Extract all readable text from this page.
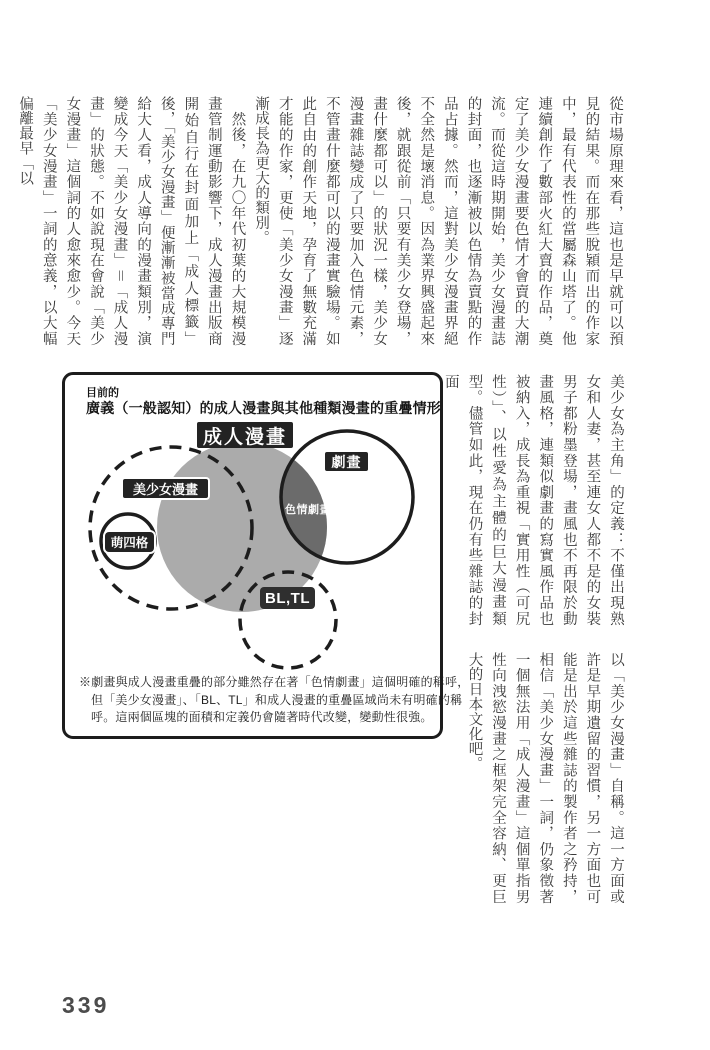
從市場原理來看，這也是早就可以預見的結果。而在那些脫穎而出的作家中，最有代表性的當屬森山塔了。他連續創作了數部火紅大賣的作品，奠定了美少女漫畫要色情才會賣的大潮流。而從這時期開始，美少女漫畫誌的封面，也逐漸被以色情為賣點的作品占據。然而，這對美少女漫畫界絕不全然是壞消息。因為業界興盛起來後，就跟從前「只要有美少女登場，畫什麼都可以」的狀況一樣，美少女漫畫雜誌變成了只要加入色情元素，不管畫什麼都可以的漫畫實驗場。如此自由的創作天地，孕育了無數充滿才能的作家，更使「美少女漫畫」逐漸成長為更大的類別。

　然後，在九〇年代初葉的大規模漫畫管制運動影響下，成人漫畫出版商開始自行在封面加上「成人標籤」後，「美少女漫畫」便漸漸被當成專門給大人看，成人導向的漫畫類別，演變成今天「美少女漫畫」＝「成人漫畫」的狀態。不如說現在會說「美少女漫畫」這個詞的人愈來愈少。今天「美少女漫畫」一詞的意義，以大幅偏離最早「以

美少女為主角」的定義：不僅出現熟女和人妻，甚至連女人都不是的女裝男子都粉墨登場，畫風也不再限於動畫風格，連類似劇畫的寫實風作品也被納入，成長為重視「實用性（可尻性）」、以性愛為主體的巨大漫畫類型。儘管如此，現在仍有些雜誌的封面
以「美少女漫畫」自稱。這一方面或許是早期遺留的習慣，另一方面也可能是出於這些雜誌的製作者之矜持，相信「美少女漫畫」一詞，仍象徵著一個無法用「成人漫畫」這個單指男性向洩慾漫畫之框架完全容納、更巨大的日本文化吧。
目前的
廣義（一般認知）的成人漫畫與其他種類漫畫的重疊情形
成人漫畫
劇畫
美少女漫畫
萌四格
色情劇畫
BL,TL
※劇畫與成人漫畫重疊的部分雖然存在著「色情劇畫」這個明確的稱呼，
但「美少女漫畫」、「BL、TL」和成人漫畫的重疊區域尚未有明確的稱
呼。這兩個區塊的面積和定義仍會隨著時代改變，變動性很強。
339
